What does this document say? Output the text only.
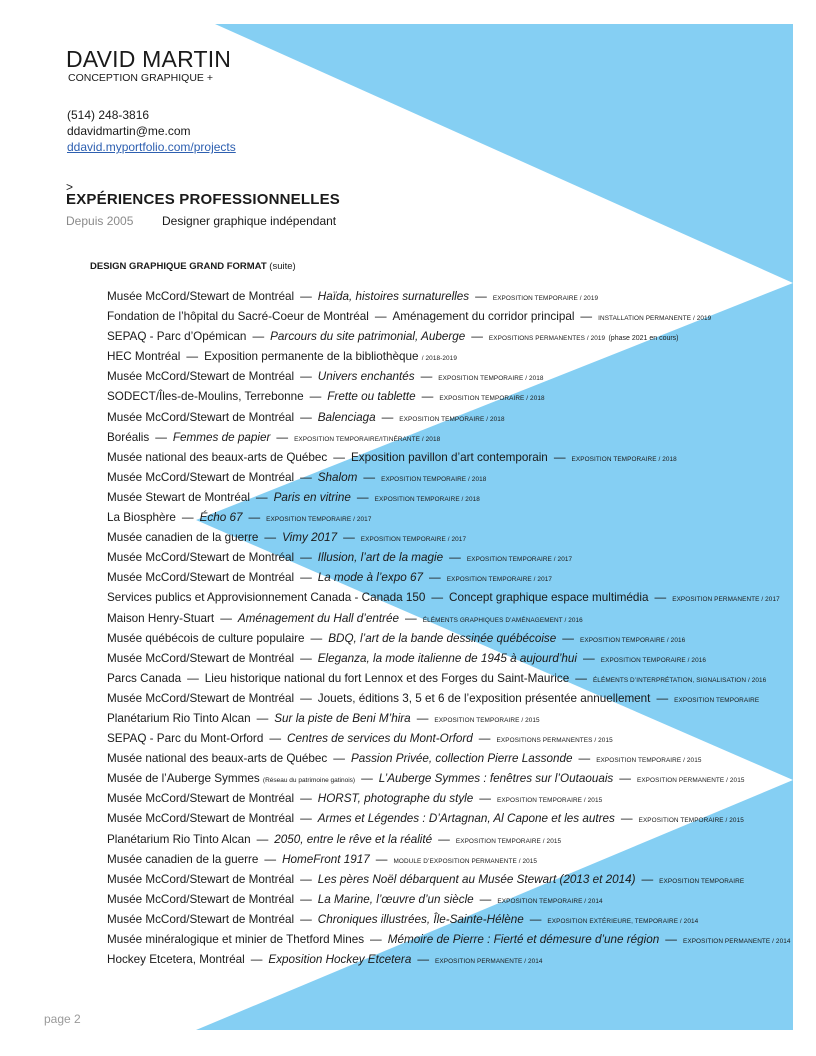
DAVID MARTIN
CONCEPTION GRAPHIQUE +
(514) 248-3816
ddavidmartin@me.com
ddavid.myportfolio.com/projects
>
EXPÉRIENCES PROFESSIONNELLES
Depuis 2005 Designer graphique indépendant
DESIGN GRAPHIQUE GRAND FORMAT (suite)
Musée McCord/Stewart de Montréal — Haïda, histoires surnaturelles — EXPOSITION TEMPORAIRE / 2019
Fondation de l’hôpital du Sacré-Coeur de Montréal — Aménagement du corridor principal — INSTALLATION PERMANENTE / 2019
SEPAQ - Parc d’Opémican — Parcours du site patrimonial, Auberge — EXPOSITIONS PERMANENTES / 2019 (phase 2021 en cours)
HEC Montréal — Exposition permanente de la bibliothèque / 2018-2019
Musée McCord/Stewart de Montréal — Univers enchantés — EXPOSITION TEMPORAIRE / 2018
SODECT/Îles-de-Moulins, Terrebonne — Frette ou tablette — EXPOSITION TEMPORAIRE / 2018
Musée McCord/Stewart de Montréal — Balenciaga — EXPOSITION TEMPORAIRE / 2018
Boréalis — Femmes de papier — EXPOSITION TEMPORAIRE/ITINÉRANTE / 2018
Musée national des beaux-arts de Québec — Exposition pavillon d’art contemporain — EXPOSITION TEMPORAIRE / 2018
Musée McCord/Stewart de Montréal — Shalom — EXPOSITION TEMPORAIRE / 2018
Musée Stewart de Montréal — Paris en vitrine — EXPOSITION TEMPORAIRE / 2018
La Biosphère — Écho 67 — EXPOSITION TEMPORAIRE / 2017
Musée canadien de la guerre — Vimy 2017 — EXPOSITION TEMPORAIRE / 2017
Musée McCord/Stewart de Montréal — Illusion, l’art de la magie — EXPOSITION TEMPORAIRE / 2017
Musée McCord/Stewart de Montréal — La mode à l’expo 67 — EXPOSITION TEMPORAIRE / 2017
Services publics et Approvisionnement Canada - Canada 150 — Concept graphique espace multimédia — EXPOSITION PERMANENTE / 2017
Maison Henry-Stuart — Aménagement du Hall d’entrée — ÉLÉMENTS GRAPHIQUES D’AMÉNAGEMENT / 2016
Musée québécois de culture populaire — BDQ, l’art de la bande dessinée québécoise — EXPOSITION TEMPORAIRE / 2016
Musée McCord/Stewart de Montréal — Eleganza, la mode italienne de 1945 à aujourd’hui — EXPOSITION TEMPORAIRE / 2016
Parcs Canada — Lieu historique national du fort Lennox et des Forges du Saint-Maurice — ÉLÉMENTS D’INTERPRÉTATION, SIGNALISATION / 2016
Musée McCord/Stewart de Montréal — Jouets, éditions 3, 5 et 6 de l’exposition présentée annuellement — EXPOSITION TEMPORAIRE
Planétarium Rio Tinto Alcan — Sur la piste de Beni M’hira — EXPOSITION TEMPORAIRE / 2015
SEPAQ - Parc du Mont-Orford — Centres de services du Mont-Orford — EXPOSITIONS PERMANENTES / 2015
Musée national des beaux-arts de Québec — Passion Privée, collection Pierre Lassonde — EXPOSITION TEMPORAIRE / 2015
Musée de l’Auberge Symmes (Réseau du patrimoine gatinois) — L’Auberge Symmes : fenêtres sur l’Outaouais — EXPOSITION PERMANENTE / 2015
Musée McCord/Stewart de Montréal — HORST, photographe du style — EXPOSITION TEMPORAIRE / 2015
Musée McCord/Stewart de Montréal — Armes et Légendes : D’Artagnan, Al Capone et les autres — EXPOSITION TEMPORAIRE / 2015
Planétarium Rio Tinto Alcan — 2050, entre le rêve et la réalité — EXPOSITION TEMPORAIRE / 2015
Musée canadien de la guerre — HomeFront 1917 — MODULE D’EXPOSITION PERMANENTE / 2015
Musée McCord/Stewart de Montréal — Les pères Noël débarquent au Musée Stewart (2013 et 2014) — EXPOSITION TEMPORAIRE
Musée McCord/Stewart de Montréal — La Marine, l’œuvre d’un siècle — EXPOSITION TEMPORAIRE / 2014
Musée McCord/Stewart de Montréal — Chroniques illustrées, Île-Sainte-Hélène — EXPOSITION EXTÉRIEURE, TEMPORAIRE / 2014
Musée minéralogique et minier de Thetford Mines — Mémoire de Pierre : Fierté et démesure d’une région — EXPOSITION PERMANENTE / 2014
Hockey Etcetera, Montréal — Exposition Hockey Etcetera — EXPOSITION PERMANENTE / 2014
page 2
